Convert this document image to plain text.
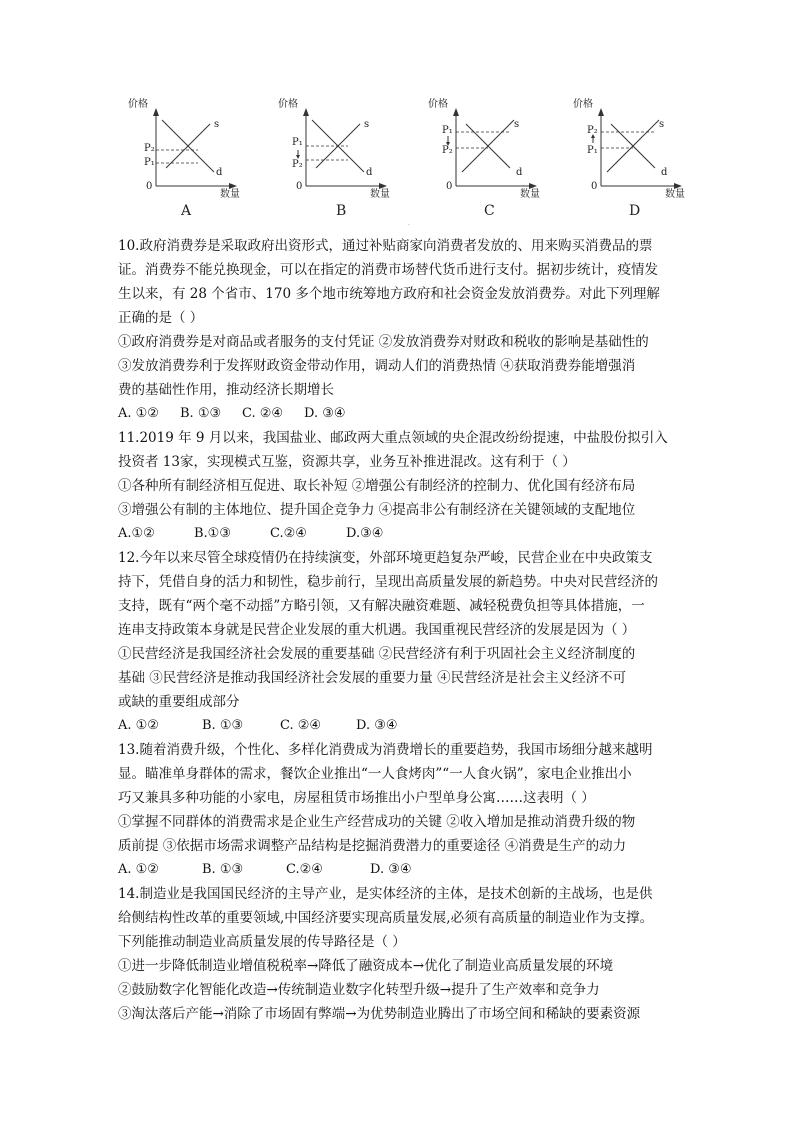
价格
P₂
P₁
0
s
d
数量
A
价格
P₁
P₂
0
s
d
数量
B
价格
P₁
P₂
0
s
d
数量
C
价格
P₂
P₁
0
s
d
数量
D
·
10.政府消费券是采取政府出资形式，通过补贴商家向消费者发放的、用来购买消费品的票
证。消费券不能兑换现金，可以在指定的消费市场替代货币进行支付。据初步统计，疫情发
生以来，有 28 个省市、170 多个地市统筹地方政府和社会资金发放消费券。对此下列理解
正确的是（ ）
①政府消费券是对商品或者服务的支付凭证 ②发放消费券对财政和税收的影响是基础性的
③发放消费券利于发挥财政资金带动作用，调动人们的消费热情 ④获取消费券能增强消
费的基础性作用，推动经济长期增长
A. ①② B. ①③ C. ②④ D. ③④
11.2019 年 9 月以来，我国盐业、邮政两大重点领域的央企混改纷纷提速，中盐股份拟引入
投资者 13家，实现模式互鉴，资源共享，业务互补推进混改。这有利于（ ）
①各种所有制经济相互促进、取长补短 ②增强公有制经济的控制力、优化国有经济布局
③增强公有制的主体地位、提升国企竞争力 ④提高非公有制经济在关键领域的支配地位
A.①②	B.①③	C.②④	D.③④
12.今年以来尽管全球疫情仍在持续演变，外部环境更趋复杂严峻，民营企业在中央政策支
持下，凭借自身的活力和韧性，稳步前行，呈现出高质量发展的新趋势。中央对民营经济的
支持，既有“两个毫不动摇”方略引领，又有解决融资难题、减轻税费负担等具体措施，一
连串支持政策本身就是民营企业发展的重大机遇。我国重视民营经济的发展是因为（ ）
①民营经济是我国经济社会发展的重要基础 ②民营经济有利于巩固社会主义经济制度的
基础 ③民营经济是推动我国经济社会发展的重要力量 ④民营经济是社会主义经济不可
或缺的重要组成部分
A. ①②	B. ①③	C. ②④	D. ③④
13.随着消费升级，个性化、多样化消费成为消费增长的重要趋势，我国市场细分越来越明
显。瞄准单身群体的需求，餐饮企业推出“一人食烤肉”“一人食火锅”，家电企业推出小
巧又兼具多种功能的小家电，房屋租赁市场推出小户型单身公寓……这表明（ ）
①掌握不同群体的消费需求是企业生产经营成功的关键 ②收入增加是推动消费升级的物
质前提 ③依据市场需求调整产品结构是挖掘消费潜力的重要途径 ④消费是生产的动力
A. ①②	B. ①③	C.②④	D. ③④
14.制造业是我国国民经济的主导产业，是实体经济的主体，是技术创新的主战场，也是供
给侧结构性改革的重要领域,中国经济要实现高质量发展,必须有高质量的制造业作为支撑。
下列能推动制造业高质量发展的传导路径是（ ）
①进一步降低制造业增值税税率→降低了融资成本→优化了制造业高质量发展的环境
②鼓励数字化智能化改造→传统制造业数字化转型升级→提升了生产效率和竞争力
③淘汰落后产能→消除了市场固有弊端→为优势制造业腾出了市场空间和稀缺的要素资源
